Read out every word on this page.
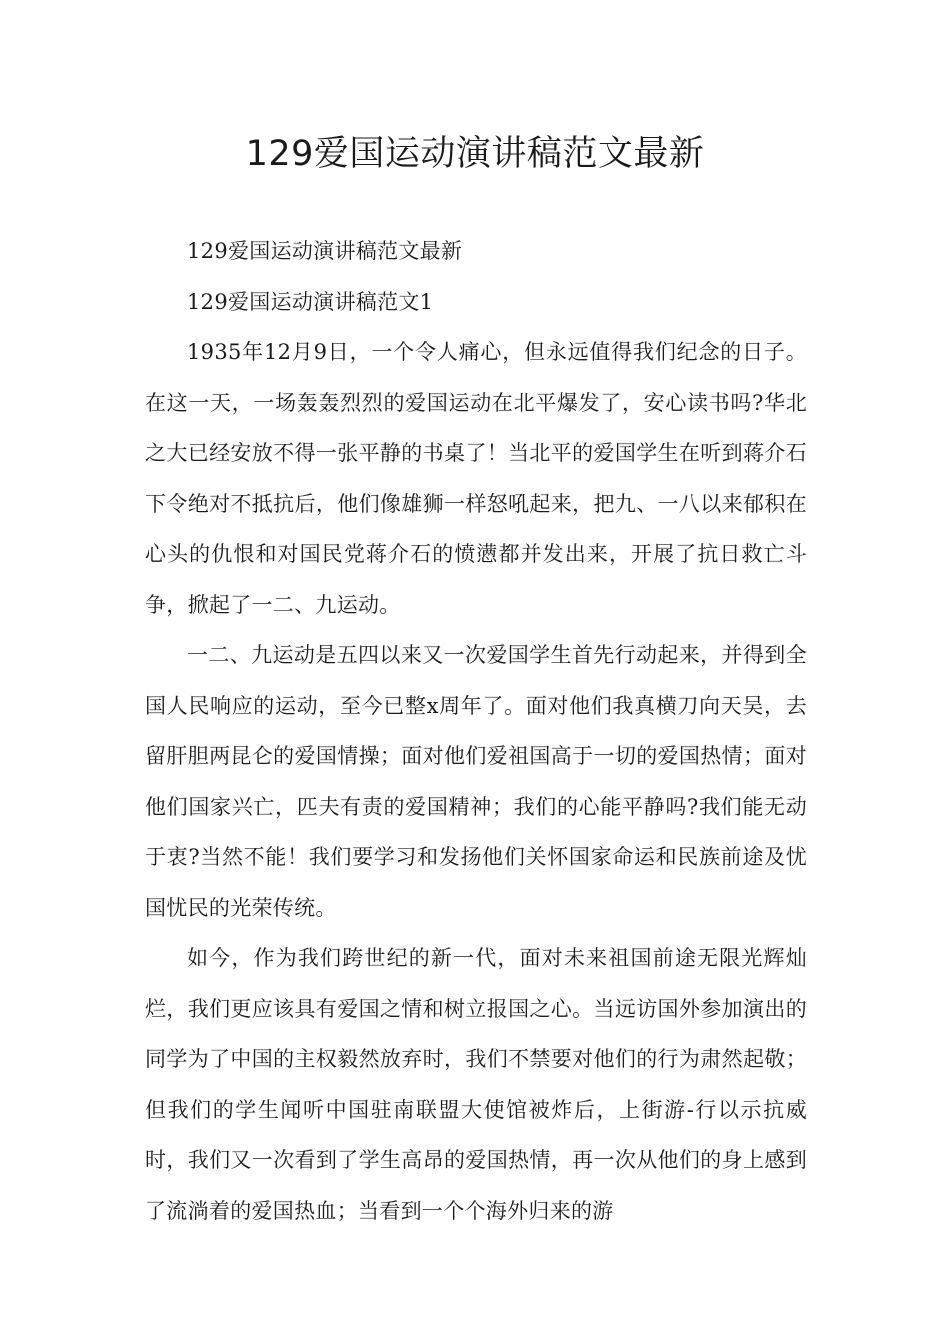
129爱国运动演讲稿范文最新

129爱国运动演讲稿范文最新

129爱国运动演讲稿范文1

1935年12月9日，一个令人痛心，但永远值得我们纪念的日子。在这一天，一场轰轰烈烈的爱国运动在北平爆发了，安心读书吗?华北之大已经安放不得一张平静的书桌了！当北平的爱国学生在听到蒋介石下令绝对不抵抗后，他们像雄狮一样怒吼起来，把九、一八以来郁积在心头的仇恨和对国民党蒋介石的愤懑都并发出来，开展了抗日救亡斗争，掀起了一二、九运动。

一二、九运动是五四以来又一次爱国学生首先行动起来，并得到全国人民响应的运动，至今已整x周年了。面对他们我真横刀向天吴，去留肝胆两昆仑的爱国情操；面对他们爱祖国高于一切的爱国热情；面对他们国家兴亡，匹夫有责的爱国精神；我们的心能平静吗?我们能无动于衷?当然不能！我们要学习和发扬他们关怀国家命运和民族前途及忧国忧民的光荣传统。

如今，作为我们跨世纪的新一代，面对未来祖国前途无限光辉灿烂，我们更应该具有爱国之情和树立报国之心。当远访国外参加演出的同学为了中国的主权毅然放弃时，我们不禁要对他们的行为肃然起敬；但我们的学生闻听中国驻南联盟大使馆被炸后，上街游-行以示抗威时，我们又一次看到了学生高昂的爱国热情，再一次从他们的身上感到了流淌着的爱国热血；当看到一个个海外归来的游
